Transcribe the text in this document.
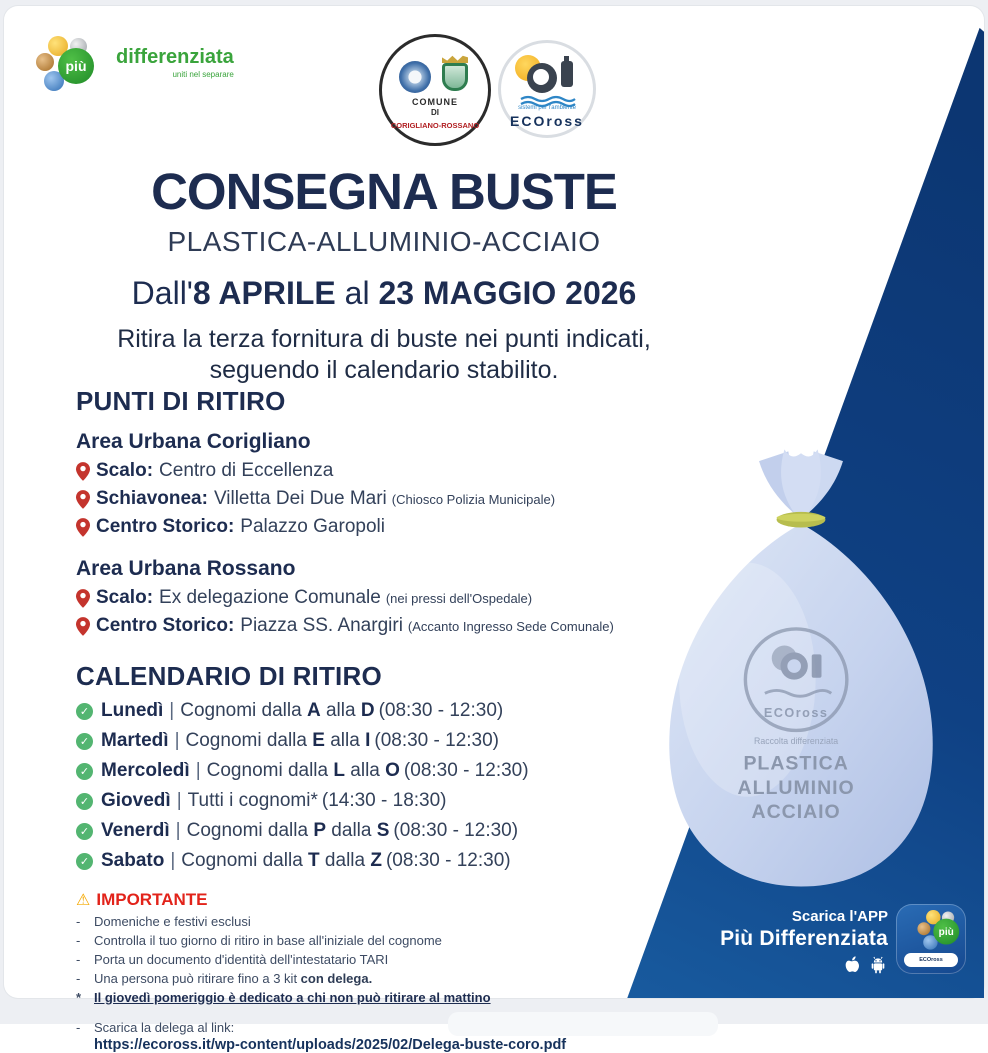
più	differenziata
uniti nel separare
COMUNE
DI
CORIGLIANO-ROSSANO
sistemi per l'ambiente
ECOross
CONSEGNA BUSTE
PLASTICA-ALLUMINIO-ACCIAIO
Dall'8 APRILE al 23 MAGGIO 2026
Ritira la terza fornitura di buste nei punti indicati,
seguendo il calendario stabilito.
PUNTI DI RITIRO
Area Urbana Corigliano
Scalo: Centro di Eccellenza
Schiavonea: Villetta Dei Due Mari (Chiosco Polizia Municipale)
Centro Storico: Palazzo Garopoli
Area Urbana Rossano
Scalo: Ex delegazione Comunale (nei pressi dell'Ospedale)
Centro Storico: Piazza SS. Anargiri (Accanto Ingresso Sede Comunale)
CALENDARIO DI RITIRO
✓ Lunedì | Cognomi dalla A alla D (08:30 - 12:30)
✓ Martedì | Cognomi dalla E alla I (08:30 - 12:30)
✓ Mercoledì | Cognomi dalla L alla O (08:30 - 12:30)
✓ Giovedì | Tutti i cognomi* (14:30 - 18:30)
✓ Venerdì | Cognomi dalla P dalla S (08:30 - 12:30)
✓ Sabato | Cognomi dalla T dalla Z (08:30 - 12:30)
⚠ IMPORTANTE
-	Domeniche e festivi esclusi
-	Controlla il tuo giorno di ritiro in base all'iniziale del cognome
-	Porta un documento d'identità dell'intestatario TARI
-	Una persona può ritirare fino a 3 kit con delega.
* Il giovedì pomeriggio è dedicato a chi non può ritirare al mattino
-	Scarica la delega al link:
https://ecoross.it/wp-content/uploads/2025/02/Delega-buste-coro.pdf
ECOross
Raccolta differenziata
PLASTICA
ALLUMINIO
ACCIAIO
Scarica l'APP
Più Differenziata	più
ECOross
